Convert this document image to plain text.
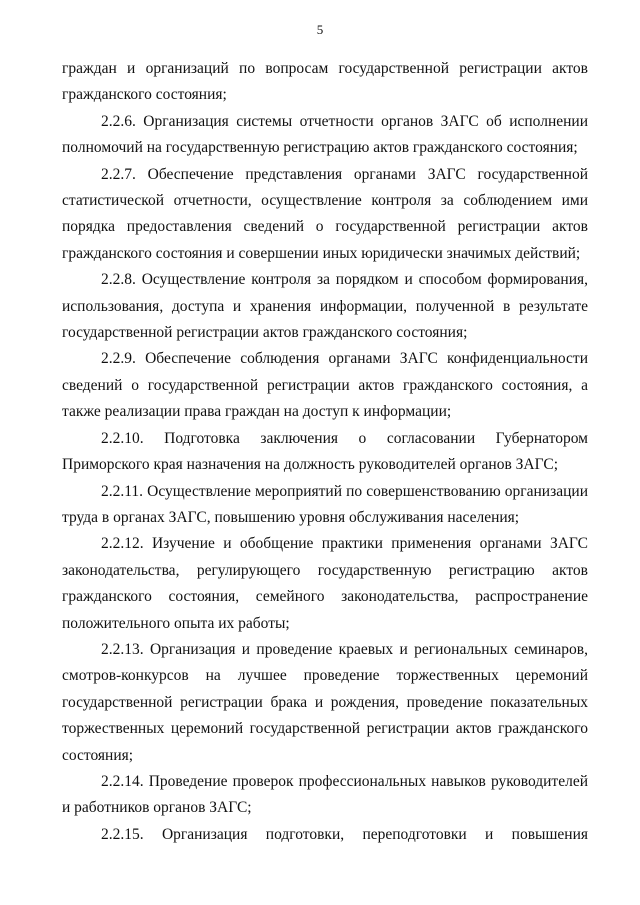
5

граждан и организаций по вопросам государственной регистрации актов гражданского состояния;

2.2.6. Организация системы отчетности органов ЗАГС об исполнении полномочий на государственную регистрацию актов гражданского состояния;

2.2.7. Обеспечение представления органами ЗАГС государственной статистической отчетности, осуществление контроля за соблюдением ими порядка предоставления сведений о государственной регистрации актов гражданского состояния и совершении иных юридически значимых действий;

2.2.8. Осуществление контроля за порядком и способом формирования, использования, доступа и хранения информации, полученной в результате государственной регистрации актов гражданского состояния;

2.2.9. Обеспечение соблюдения органами ЗАГС конфиденциальности сведений о государственной регистрации актов гражданского состояния, а также реализации права граждан на доступ к информации;

2.2.10. Подготовка заключения о согласовании Губернатором Приморского края назначения на должность руководителей органов ЗАГС;

2.2.11. Осуществление мероприятий по совершенствованию организации труда в органах ЗАГС, повышению уровня обслуживания населения;

2.2.12. Изучение и обобщение практики применения органами ЗАГС законодательства, регулирующего государственную регистрацию актов гражданского состояния, семейного законодательства, распространение положительного опыта их работы;

2.2.13. Организация и проведение краевых и региональных семинаров, смотров-конкурсов на лучшее проведение торжественных церемоний государственной регистрации брака и рождения, проведение показательных торжественных церемоний государственной регистрации актов гражданского состояния;

2.2.14. Проведение проверок профессиональных навыков руководителей и работников органов ЗАГС;

2.2.15. Организация подготовки, переподготовки и повышения
